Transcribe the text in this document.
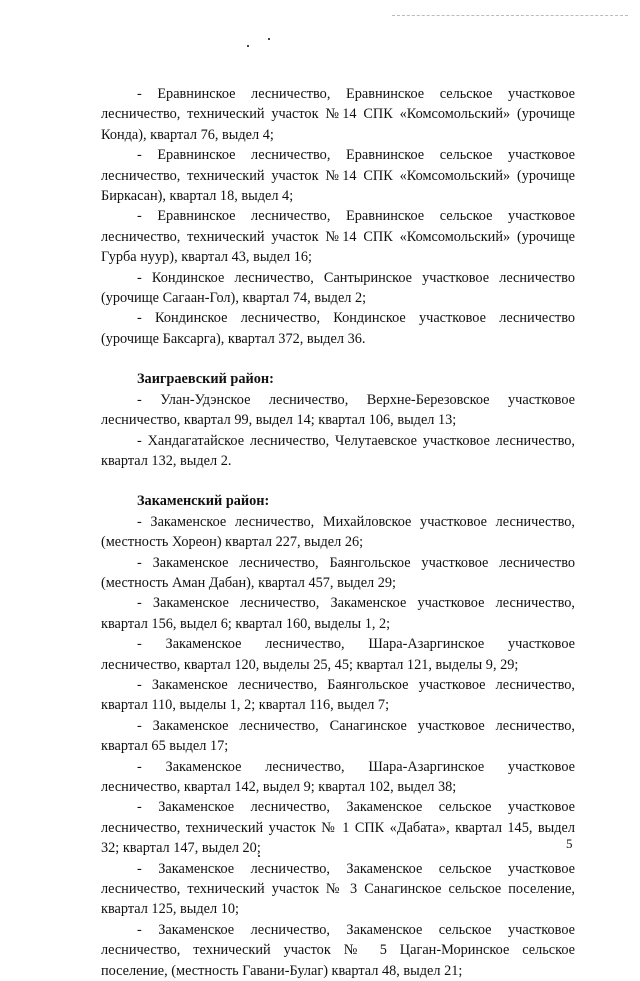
- Еравнинское лесничество, Еравнинское сельское участковое лесничество, технический участок №14 СПК «Комсомольский» (урочище Конда), квартал 76, выдел 4;

- Еравнинское лесничество, Еравнинское сельское участковое лесничество, технический участок №14 СПК «Комсомольский» (урочище Биркасан), квартал 18, выдел 4;

- Еравнинское лесничество, Еравнинское сельское участковое лесничество, технический участок №14 СПК «Комсомольский» (урочище Гурба нуур), квартал 43, выдел 16;

- Кондинское лесничество, Сантыринское участковое лесничество (урочище Сагаан-Гол), квартал 74, выдел 2;

- Кондинское лесничество, Кондинское участковое лесничество (урочище Баксарга), квартал 372, выдел 36.

Заиграевский район:

- Улан-Удэнское лесничество, Верхне-Березовское участковое лесничество, квартал 99, выдел 14; квартал 106, выдел 13;

- Хандагатайское лесничество, Челутаевское участковое лесничество, квартал 132, выдел 2.

Закаменский район:

- Закаменское лесничество, Михайловское участковое лесничество, (местность Хореон) квартал 227, выдел 26;

- Закаменское лесничество, Баянгольское участковое лесничество (местность Аман Дабан), квартал 457, выдел 29;

- Закаменское лесничество, Закаменское участковое лесничество, квартал 156, выдел 6; квартал 160, выделы 1, 2;

- Закаменское лесничество, Шара-Азаргинское участковое лесничество, квартал 120, выделы 25, 45; квартал 121, выделы 9, 29;

- Закаменское лесничество, Баянгольское участковое лесничество, квартал 110, выделы 1, 2; квартал 116, выдел 7;

- Закаменское лесничество, Санагинское участковое лесничество, квартал 65 выдел 17;

- Закаменское лесничество, Шара-Азаргинское участковое лесничество, квартал 142, выдел 9; квартал 102, выдел 38;

- Закаменское лесничество, Закаменское сельское участковое лесничество, технический участок № 1 СПК «Дабата», квартал 145, выдел 32; квартал 147, выдел 20;

- Закаменское лесничество, Закаменское сельское участковое лесничество, технический участок № 3 Санагинское сельское поселение, квартал 125, выдел 10;

- Закаменское лесничество, Закаменское сельское участковое лесничество, технический участок № 5 Цаган-Моринское сельское поселение, (местность Гавани-Булаг) квартал 48, выдел 21;

5
